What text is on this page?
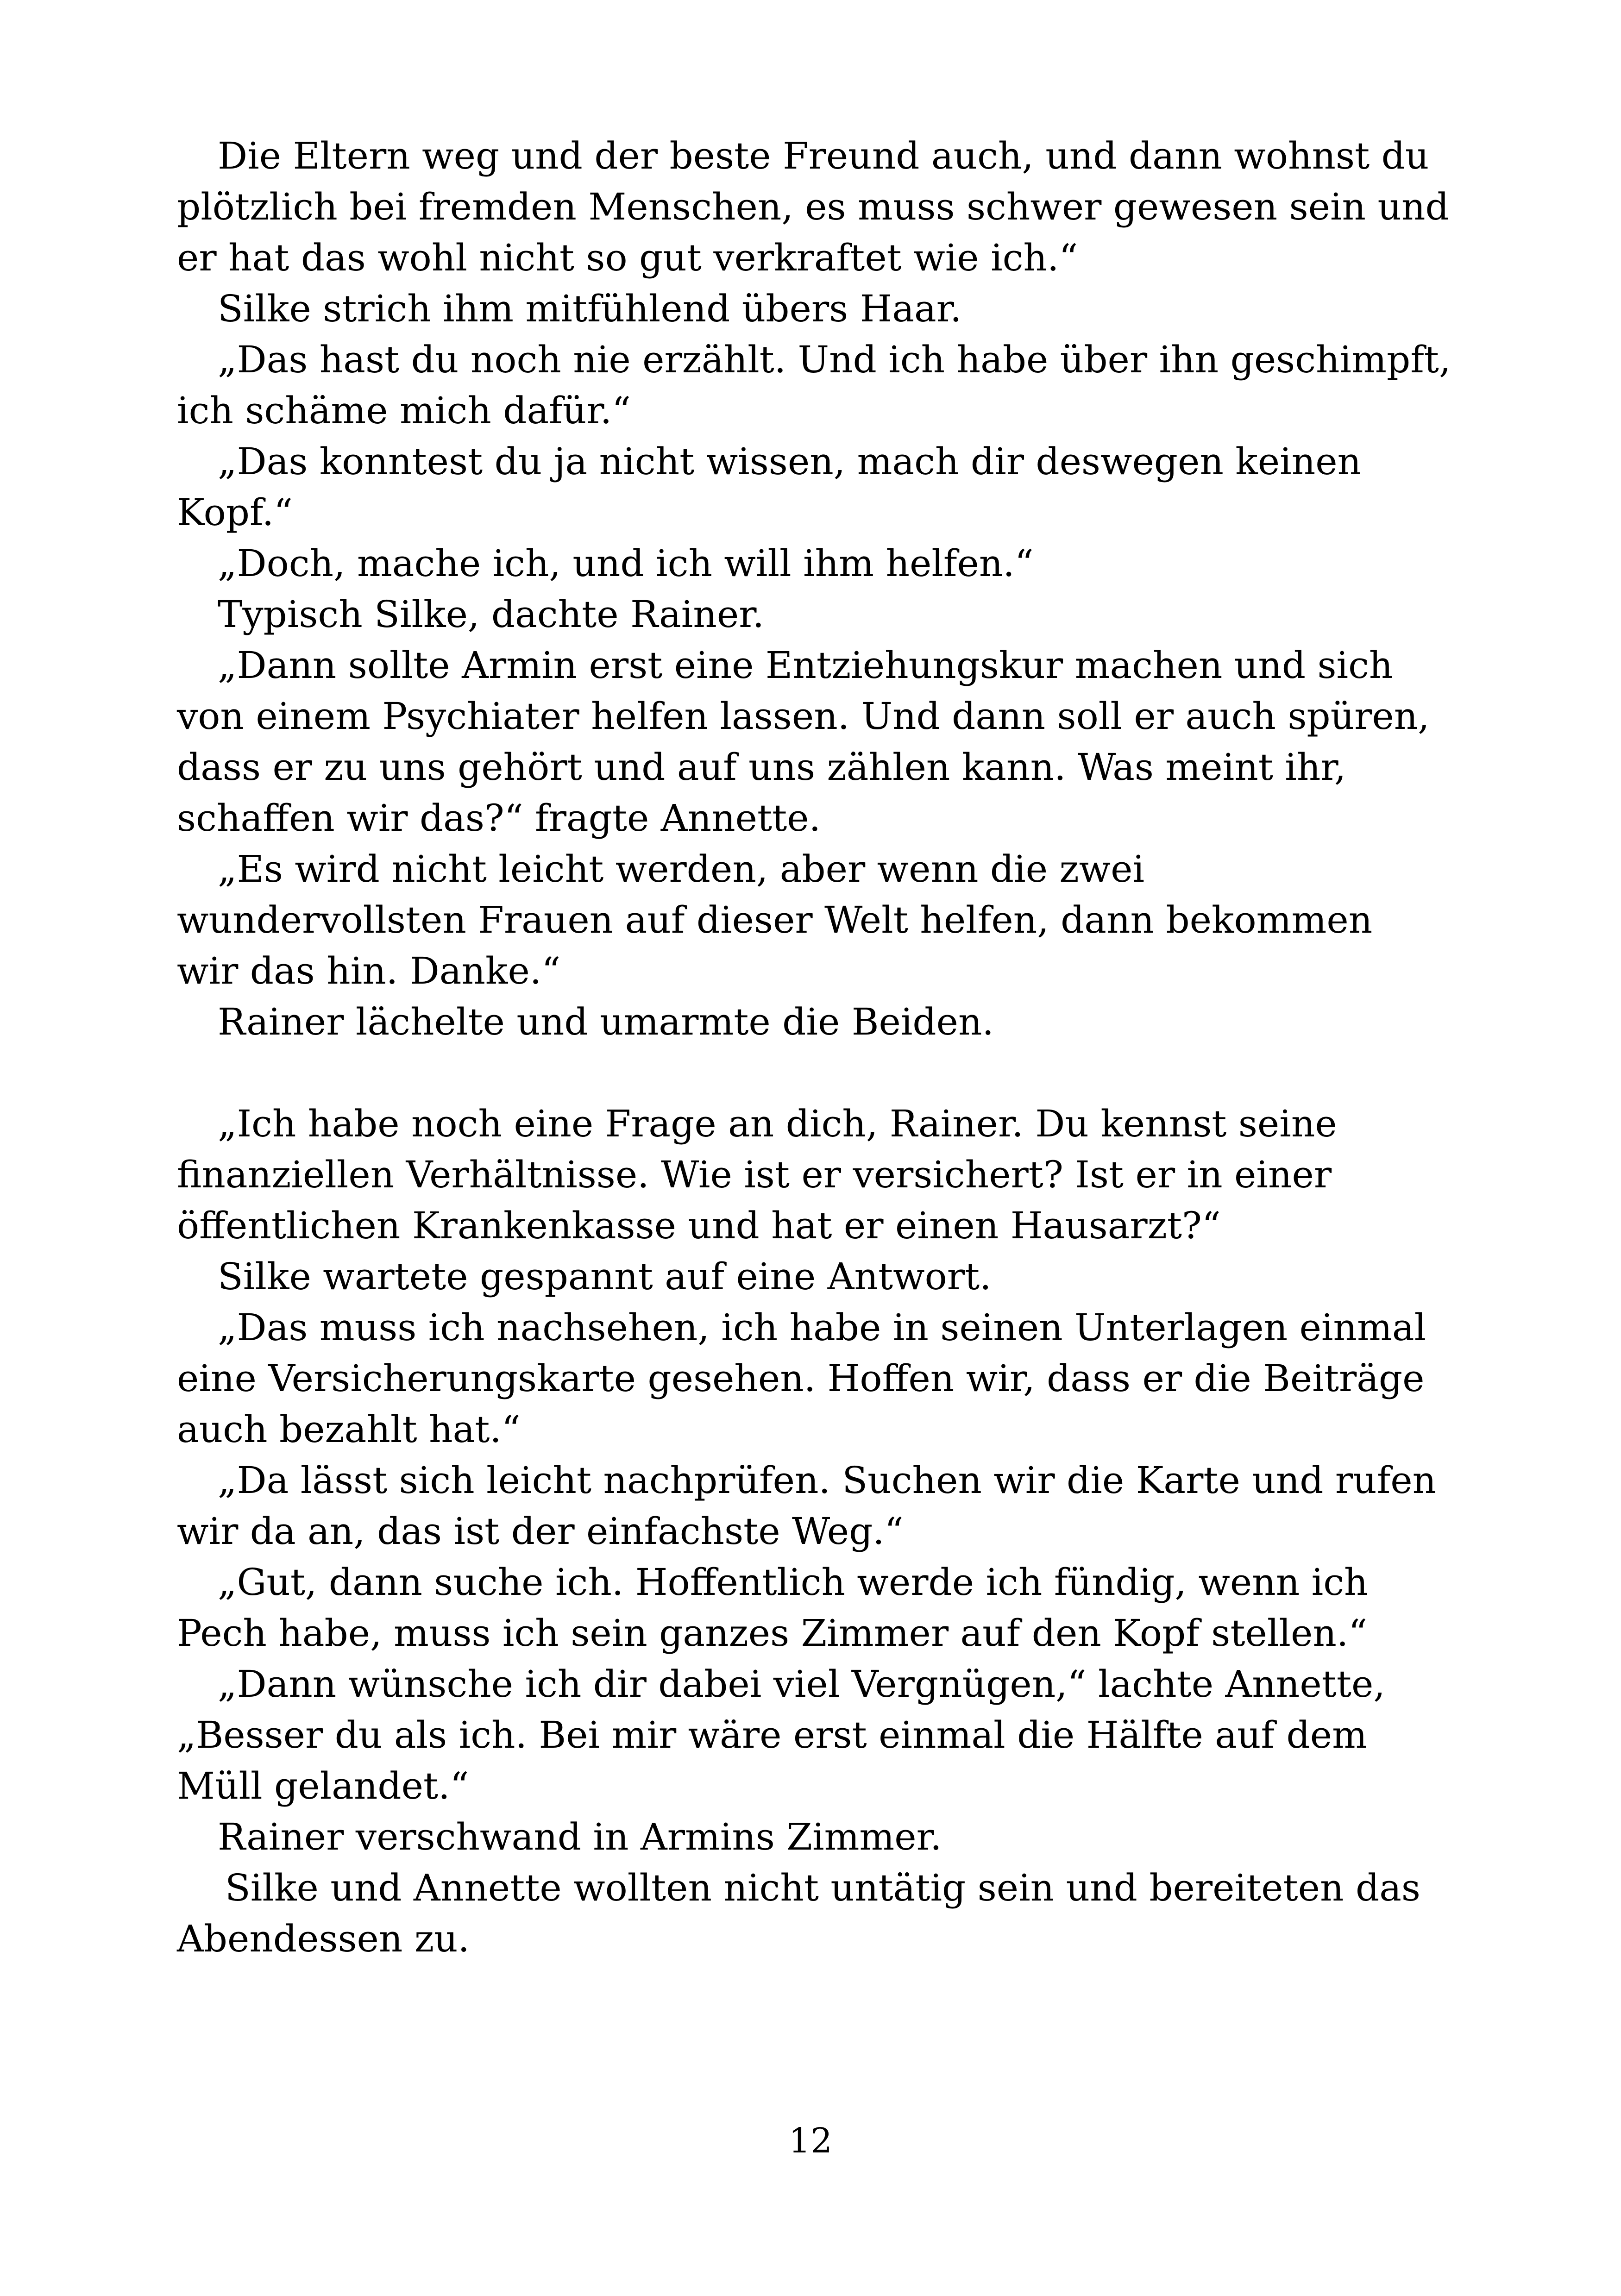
Die Eltern weg und der beste Freund auch, und dann wohnst du
plötzlich bei fremden Menschen, es muss schwer gewesen sein und
er hat das wohl nicht so gut verkraftet wie ich.“
Silke strich ihm mitfühlend übers Haar.
„Das hast du noch nie erzählt. Und ich habe über ihn geschimpft,
ich schäme mich dafür.“
„Das konntest du ja nicht wissen, mach dir deswegen keinen
Kopf.“
„Doch, mache ich, und ich will ihm helfen.“
Typisch Silke, dachte Rainer.
„Dann sollte Armin erst eine Entziehungskur machen und sich
von einem Psychiater helfen lassen. Und dann soll er auch spüren,
dass er zu uns gehört und auf uns zählen kann. Was meint ihr,
schaffen wir das?“ fragte Annette.
„Es wird nicht leicht werden, aber wenn die zwei
wundervollsten Frauen auf dieser Welt helfen, dann bekommen
wir das hin. Danke.“
Rainer lächelte und umarmte die Beiden.
„Ich habe noch eine Frage an dich, Rainer. Du kennst seine
finanziellen Verhältnisse. Wie ist er versichert? Ist er in einer
öffentlichen Krankenkasse und hat er einen Hausarzt?“
Silke wartete gespannt auf eine Antwort.
„Das muss ich nachsehen, ich habe in seinen Unterlagen einmal
eine Versicherungskarte gesehen. Hoffen wir, dass er die Beiträge
auch bezahlt hat.“
„Da lässt sich leicht nachprüfen. Suchen wir die Karte und rufen
wir da an, das ist der einfachste Weg.“
„Gut, dann suche ich. Hoffentlich werde ich fündig, wenn ich
Pech habe, muss ich sein ganzes Zimmer auf den Kopf stellen.“
„Dann wünsche ich dir dabei viel Vergnügen,“ lachte Annette,
„Besser du als ich. Bei mir wäre erst einmal die Hälfte auf dem
Müll gelandet.“
Rainer verschwand in Armins Zimmer.
Silke und Annette wollten nicht untätig sein und bereiteten das
Abendessen zu.
12
